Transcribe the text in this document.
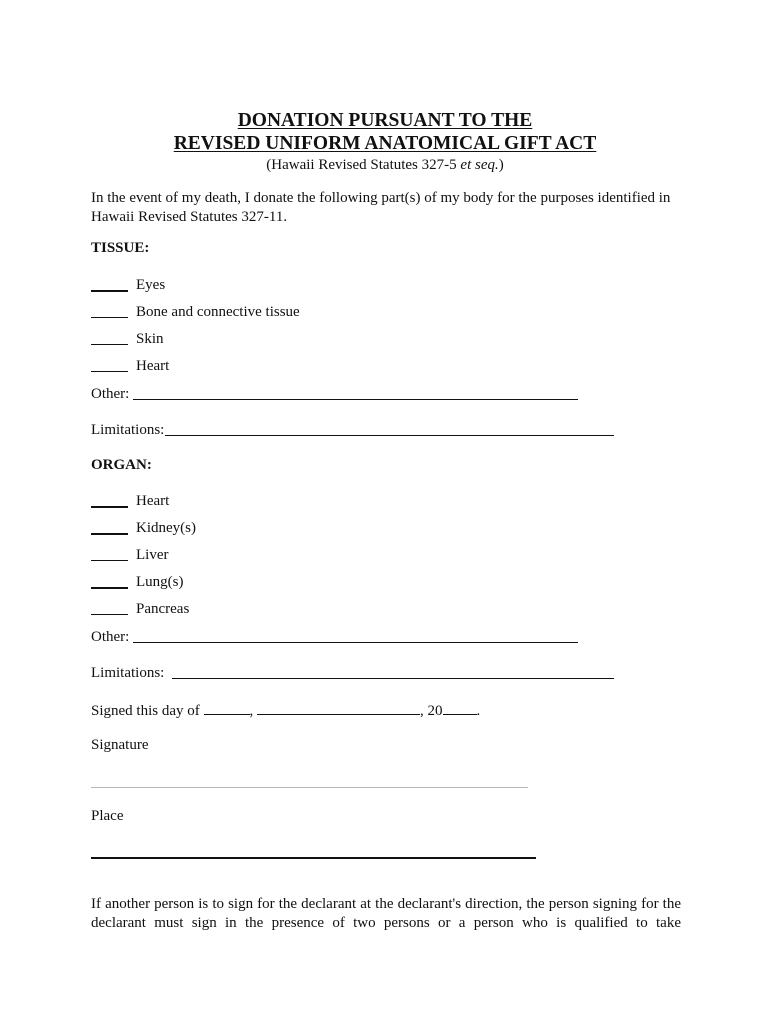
DONATION PURSUANT TO THE
REVISED UNIFORM ANATOMICAL GIFT ACT
(Hawaii Revised Statutes 327-5 et seq.)
In the event of my death, I donate the following part(s) of my body for the purposes identified in Hawaii Revised Statutes 327-11.
TISSUE:
Eyes
Bone and connective tissue
Skin
Heart
Other:
Limitations:
ORGAN:
Heart
Kidney(s)
Liver
Lung(s)
Pancreas
Other:
Limitations:
Signed this day of	,	, 20 .
Signature
Place
If another person is to sign for the declarant at the declarant's direction, the person signing for the
declarant must sign in the presence of two persons or a person who is qualified to take
